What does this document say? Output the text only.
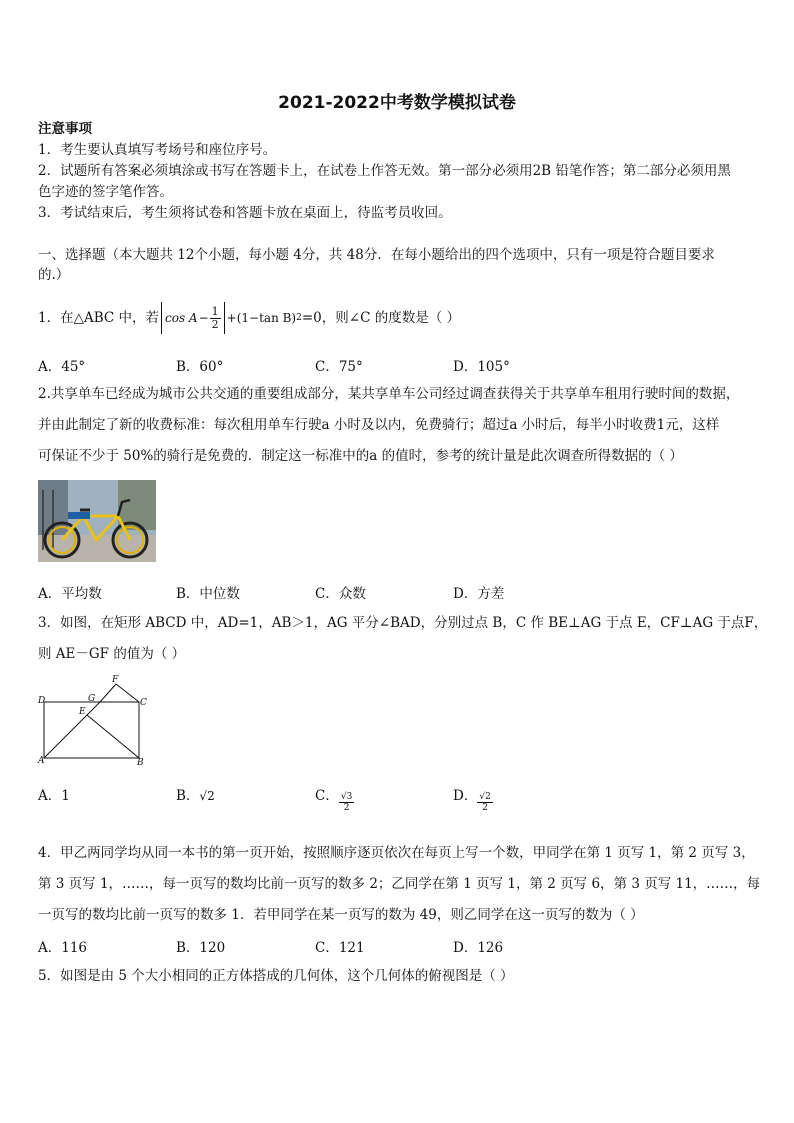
2021-2022中考数学模拟试卷
注意事项
1．考生要认真填写考场号和座位序号。
2．试题所有答案必须填涂或书写在答题卡上，在试卷上作答无效。第一部分必须用2B 铅笔作答；第二部分必须用黑
色字迹的签字笔作答。
3．考试结束后，考生须将试卷和答题卡放在桌面上，待监考员收回。
一、选择题（本大题共 12个小题，每小题 4分，共 48分．在每小题给出的四个选项中，只有一项是符合题目要求
的.）
1．在△ABC 中，若 $\cos A - \frac{1}{2} +(1-\tan$ B) 2 =0，则∠C 的度数是（ ）
A．45°	B．60°	C．75°	D．105°
2.共享单车已经成为城市公共交通的重要组成部分，某共享单车公司经过调查获得关于共享单车租用行驶时间的数据，
并由此制定了新的收费标准：每次租用单车行驶a 小时及以内，免费骑行；超过a 小时后，每半小时收费1元，这样
可保证不少于 50%的骑行是免费的．制定这一标准中的a 的值时，参考的统计量是此次调查所得数据的（ ）
A．平均数	B．中位数	C．众数	D．方差
3．如图，在矩形 ABCD 中，AD=1，AB＞1，AG 平分∠BAD，分别过点 B，C 作 BE⊥AG 于点 E，CF⊥AG 于点F，
则 AE－GF 的值为（ ）
D	G
F
C
E
A	B
A．1	B．√2	C． $\frac{√3}{2}$	D． $\frac{√2}{2}$
4．甲乙两同学均从同一本书的第一页开始，按照顺序逐页依次在每页上写一个数，甲同学在第 1 页写 1，第 2 页写 3，
第 3 页写 1，……，每一页写的数均比前一页写的数多 2；乙同学在第 1 页写 1，第 2 页写 6，第 3 页写 11，……，每
一页写的数均比前一页写的数多 1．若甲同学在某一页写的数为 49，则乙同学在这一页写的数为（ ）
A．116	B．120	C．121	D．126
5．如图是由 5 个大小相同的正方体搭成的几何体，这个几何体的俯视图是（ ）
